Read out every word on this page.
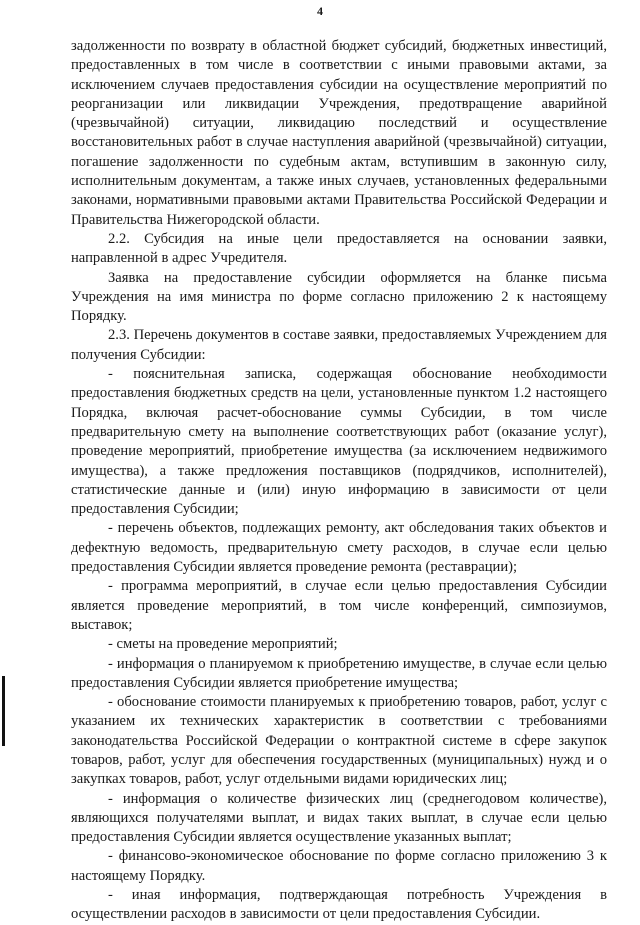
4

задолженности по возврату в областной бюджет субсидий, бюджетных инвестиций, предоставленных в том числе в соответствии с иными правовыми актами, за исключением случаев предоставления субсидии на осуществление мероприятий по реорганизации или ликвидации Учреждения, предотвращение аварийной (чрезвычайной) ситуации, ликвидацию последствий и осуществление восстановительных работ в случае наступления аварийной (чрезвычайной) ситуации, погашение задолженности по судебным актам, вступившим в законную силу, исполнительным документам, а также иных случаев, установленных федеральными законами, нормативными правовыми актами Правительства Российской Федерации и Правительства Нижегородской области.

2.2. Субсидия на иные цели предоставляется на основании заявки, направленной в адрес Учредителя.

Заявка на предоставление субсидии оформляется на бланке письма Учреждения на имя министра по форме согласно приложению 2 к настоящему Порядку.

2.3. Перечень документов в составе заявки, предоставляемых Учреждением для получения Субсидии:

- пояснительная записка, содержащая обоснование необходимости предоставления бюджетных средств на цели, установленные пунктом 1.2 настоящего Порядка, включая расчет-обоснование суммы Субсидии, в том числе предварительную смету на выполнение соответствующих работ (оказание услуг), проведение мероприятий, приобретение имущества (за исключением недвижимого имущества), а также предложения поставщиков (подрядчиков, исполнителей), статистические данные и (или) иную информацию в зависимости от цели предоставления Субсидии;

- перечень объектов, подлежащих ремонту, акт обследования таких объектов и дефектную ведомость, предварительную смету расходов, в случае если целью предоставления Субсидии является проведение ремонта (реставрации);

- программа мероприятий, в случае если целью предоставления Субсидии является проведение мероприятий, в том числе конференций, симпозиумов, выставок;

- сметы на проведение мероприятий;

- информация о планируемом к приобретению имуществе, в случае если целью предоставления Субсидии является приобретение имущества;

- обоснование стоимости планируемых к приобретению товаров, работ, услуг с указанием их технических характеристик в соответствии с требованиями законодательства Российской Федерации о контрактной системе в сфере закупок товаров, работ, услуг для обеспечения государственных (муниципальных) нужд и о закупках товаров, работ, услуг отдельными видами юридических лиц;

- информация о количестве физических лиц (среднегодовом количестве), являющихся получателями выплат, и видах таких выплат, в случае если целью предоставления Субсидии является осуществление указанных выплат;

- финансово-экономическое обоснование по форме согласно приложению 3 к настоящему Порядку.

- иная информация, подтверждающая потребность Учреждения в осуществлении расходов в зависимости от цели предоставления Субсидии.
